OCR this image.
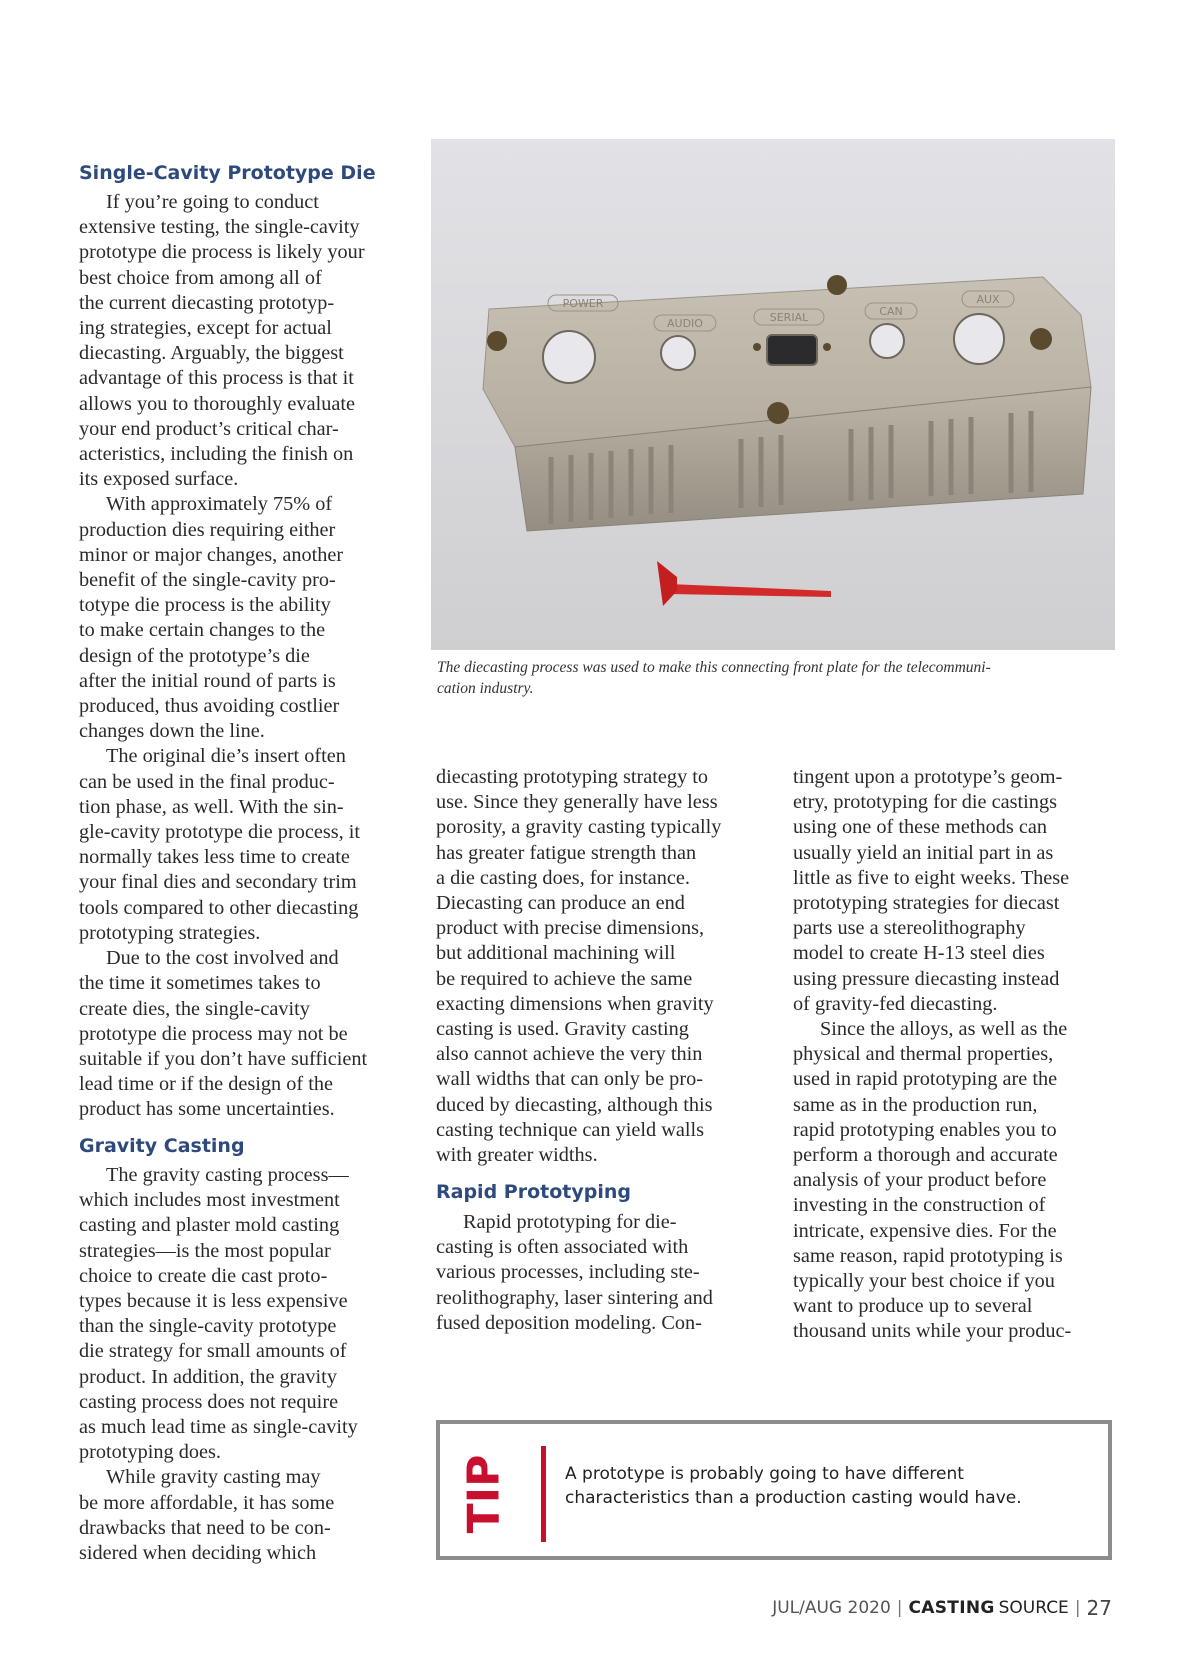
Single-Cavity Prototype Die

If you’re going to conduct
extensive testing, the single-cavity
prototype die process is likely your
best choice from among all of
the current diecasting prototyp-
ing strategies, except for actual
diecasting. Arguably, the biggest
advantage of this process is that it
allows you to thoroughly evaluate
your end product’s critical char-
acteristics, including the finish on
its exposed surface.

With approximately 75% of
production dies requiring either
minor or major changes, another
benefit of the single-cavity pro-
totype die process is the ability
to make certain changes to the
design of the prototype’s die
after the initial round of parts is
produced, thus avoiding costlier
changes down the line.

The original die’s insert often
can be used in the final produc-
tion phase, as well. With the sin-
gle-cavity prototype die process, it
normally takes less time to create
your final dies and secondary trim
tools compared to other diecasting
prototyping strategies.

Due to the cost involved and
the time it sometimes takes to
create dies, the single-cavity
prototype die process may not be
suitable if you don’t have sufficient
lead time or if the design of the
product has some uncertainties.

Gravity Casting

The gravity casting process—
which includes most investment
casting and plaster mold casting
strategies—is the most popular
choice to create die cast proto-
types because it is less expensive
than the single-cavity prototype
die strategy for small amounts of
product. In addition, the gravity
casting process does not require
as much lead time as single-cavity
prototyping does.

While gravity casting may
be more affordable, it has some
drawbacks that need to be con-
sidered when deciding which

POWER
AUDIO	SERIAL	CAN
AUX
The diecasting process was used to make this connecting front plate for the telecommuni-
cation industry.

diecasting prototyping strategy to
use. Since they generally have less
porosity, a gravity casting typically
has greater fatigue strength than
a die casting does, for instance.
Diecasting can produce an end
product with precise dimensions,
but additional machining will
be required to achieve the same
exacting dimensions when gravity
casting is used. Gravity casting
also cannot achieve the very thin
wall widths that can only be pro-
duced by diecasting, although this
casting technique can yield walls
with greater widths.

Rapid Prototyping

Rapid prototyping for die-
casting is often associated with
various processes, including ste-
reolithography, laser sintering and
fused deposition modeling. Con-

tingent upon a prototype’s geom-
etry, prototyping for die castings
using one of these methods can
usually yield an initial part in as
little as five to eight weeks. These
prototyping strategies for diecast
parts use a stereolithography
model to create H-13 steel dies
using pressure diecasting instead
of gravity-fed diecasting.

Since the alloys, as well as the
physical and thermal properties,
used in rapid prototyping are the
same as in the production run,
rapid prototyping enables you to
perform a thorough and accurate
analysis of your product before
investing in the construction of
intricate, expensive dies. For the
same reason, rapid prototyping is
typically your best choice if you
want to produce up to several
thousand units while your produc-

TIP	A prototype is probably going to have different
characteristics than a production casting would have.
JUL/AUG 2020 | CASTING SOURCE | 27
